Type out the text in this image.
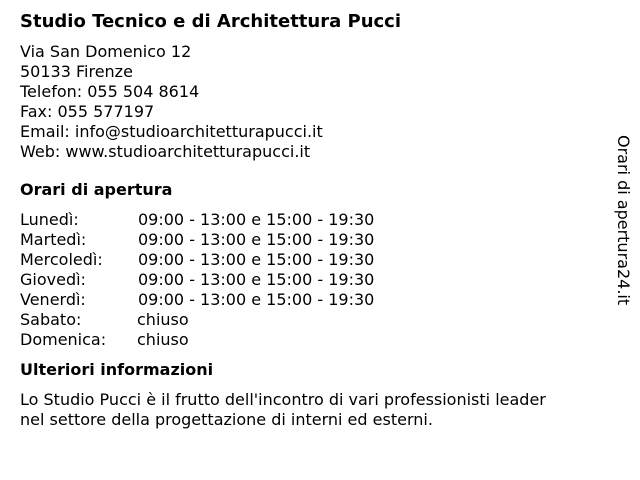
Studio Tecnico e di Architettura Pucci
Via San Domenico 12
50133 Firenze
Telefon: 055 504 8614
Fax: 055 577197
Email: info@studioarchitetturapucci.it
Web: www.studioarchitetturapucci.it
Orari di apertura
Lunedì:	09:00 - 13:00 e 15:00 - 19:30
Martedì:	09:00 - 13:00 e 15:00 - 19:30
Mercoledì: 09:00 - 13:00 e 15:00 - 19:30
Giovedì:	09:00 - 13:00 e 15:00 - 19:30
Venerdì:	09:00 - 13:00 e 15:00 - 19:30
Sabato:	chiuso
Domenica: chiuso
Ulteriori informazioni

Lo Studio Pucci è il frutto dell'incontro di vari professionisti leader nel settore della progettazione di interni ed esterni.

Orari di apertura24.it
